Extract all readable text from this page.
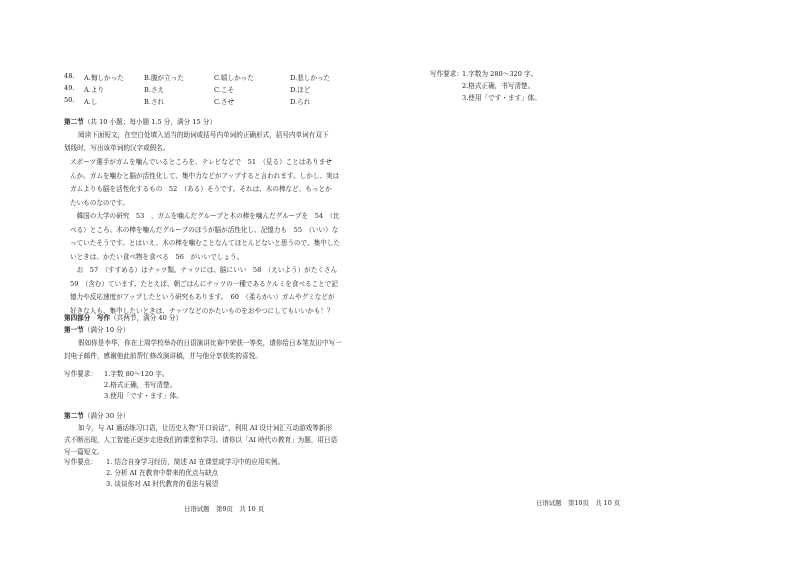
48. A.悔しかった	B.腹が立った	C.嬉しかった	D.悲しかった
49. A.より	B.さえ	C.こそ	D.ほど
50. A.し	B.され	C.させ	D.られ
第二节（共 10 小题；每小题 1.5 分，满分 15 分）
阅读下面短文，在空白处填入适当的助词或括号内单词的正确形式，括号内单词有双下
划线时，写出该单词的汉字或假名。
スポーツ選手がガムを噛んでいるところを、テレビなどで　51　（見る）ことはありませ
んか。ガムを噛むと脳が活性化して、集中力などがアップすると言われます。しかし、実は
ガムよりも脳を活性化するもの　52　（ある）そうです。それは、木の棒など、もっとか
たいものなのです。
　韓国の大学の研究　53　、ガムを噛んだグループと木の棒を噛んだグループを　54　（比
べる）ところ、木の棒を噛んだグループのほうが脳が活性化し、記憶力も　55　（いい）な
っていたそうです。とはいえ、木の棒を噛むことなんてほとんどないと思うので、集中した
いときは、かたい食べ物を食べる　56　がいいでしょう。
　お　57　（すすめる）はナッツ類。ナッツには、脳にいい　58　（えいよう）がたくさん
59　（含む）ています。たとえば、朝ごはんにナッツの一種であるクルミを食べることで記
憶力や反応速度がアップしたという研究もあります。　60　（柔らかい）ガムやグミなどが
好きな人も、集中したいときは、ナッツなどのかたいものをおやつにしてもいいかも！？
第四部分　写作（共两节，满分 40 分）
第一节（满分 10 分）
假如你是李华，你在上周学校举办的日语演讲比赛中荣获一等奖，请你给日本笔友田中写一
封电子邮件，感谢他此前帮忙修改演讲稿，并与他分享获奖的喜悦。
写作要求： 1.字数 80～120 字。
2.格式正确，书写清楚。
3.使用「です・ます」体。
第二节（满分 30 分）
如今，与 AI 通话练习口语，让历史人物“开口说话”，利用 AI 设计词汇互动游戏等新形
式不断出现，人工智能正逐步走进我们的课堂和学习。请你以「AI 時代の教育」为题，用日语
写一篇短文。
写作要点： 1. 结合自身学习经历，简述 AI 在课堂或学习中的应用实例。
2. 分析 AI 在教育中带来的优点与缺点
3. 谈谈你对 AI 时代教育的看法与展望
日语试题　第9页　共 10 页
写作要求： 1.字数为 280～320 字。
2.格式正确，书写清楚。
3.使用「です・ます」体。
日语试题　第10页　共 10 页
